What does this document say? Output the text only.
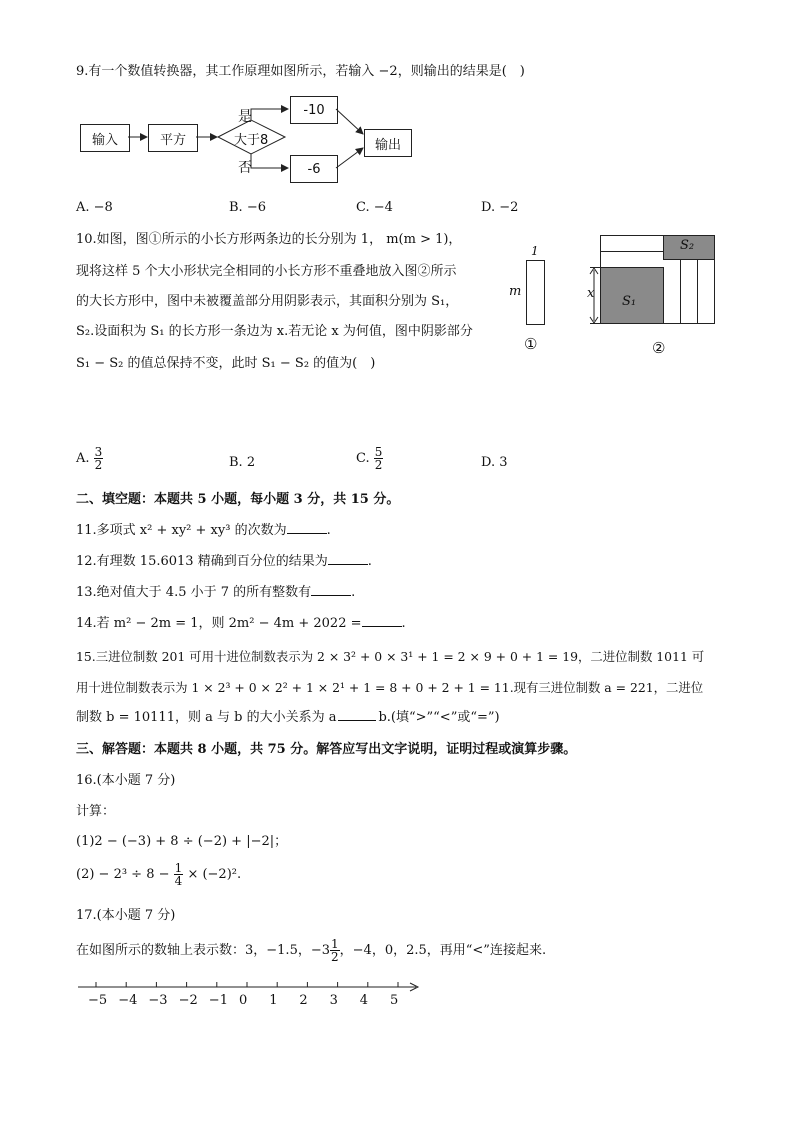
9.有一个数值转换器，其工作原理如图所示，若输入 −2，则输出的结果是(　)
输入	平方
-10
-6
输出
大于8
是
否
A. −8	B. −6	C. −4	D. −2
10.如图，图①所示的小长方形两条边的长分别为 1， m(m > 1)，
现将这样 5 个大小形状完全相同的小长方形不重叠地放入图②所示
的大长方形中，图中未被覆盖部分用阴影表示，其面积分别为 S₁，
S₂.设面积为 S₁ 的长方形一条边为 x.若无论 x 为何值，图中阴影部分
S₁ − S₂ 的值总保持不变，此时 S₁ − S₂ 的值为(　)
1
m
①
x
S₁
S₂
②
A. $\frac{3}{2}$	B. 2	C. $\frac{5}{2}$	D. 3
二、填空题：本题共 5 小题，每小题 3 分，共 15 分。
11.多项式 x² + xy² + xy³ 的次数为	.
12.有理数 15.6013 精确到百分位的结果为	.
13.绝对值大于 4.5 小于 7 的所有整数有	.
14.若 m² − 2m = 1，则 2m² − 4m + 2022 =	.
15.三进位制数 201 可用十进位制数表示为 2 × 3² + 0 × 3¹ + 1 = 2 × 9 + 0 + 1 = 19，二进位制数 1011 可
用十进位制数表示为 1 × 2³ + 0 × 2² + 1 × 2¹ + 1 = 8 + 0 + 2 + 1 = 11.现有三进位制数 a = 221，二进位
制数 b = 10111，则 a 与 b 的大小关系为 a	b.(填“>”“<”或“=”)
三、解答题：本题共 8 小题，共 75 分。解答应写出文字说明，证明过程或演算步骤。
16.(本小题 7 分)
计算：
(1)2 − (−3) + 8 ÷ (−2) + |−2|；
$(2) - 2^3 \div 8 - \frac{1}{4} \times (-2)^2$.
17.(本小题 7 分)
在如图所示的数轴上表示数：3，−1.5，$-3 \frac{1}{2}$ ，−4，0，2.5，再用“<”连接起来.
−5 −4 −3 −2 −1 0 1 2 3 4 5
